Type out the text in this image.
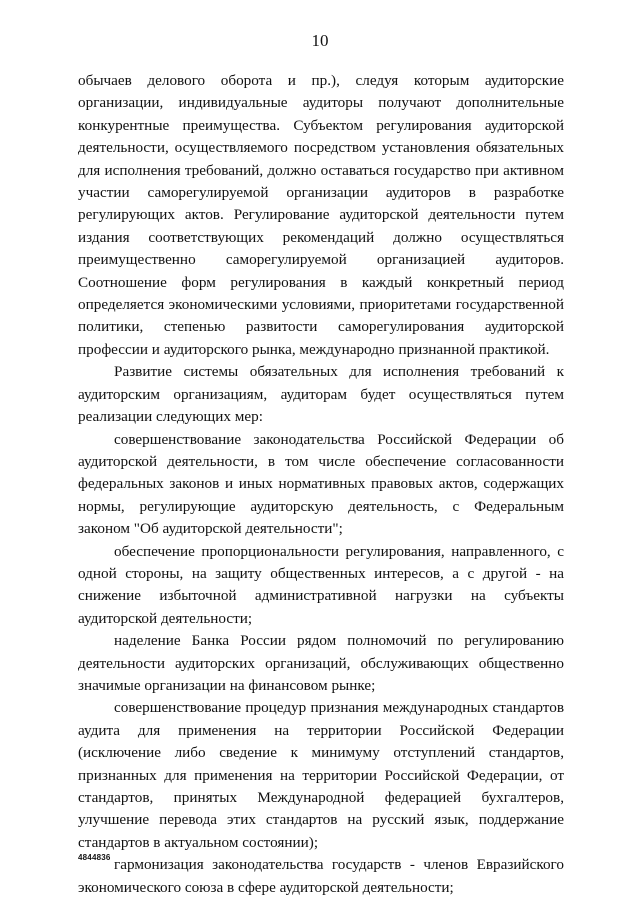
10

обычаев делового оборота и пр.), следуя которым аудиторские организации, индивидуальные аудиторы получают дополнительные конкурентные преимущества. Субъектом регулирования аудиторской деятельности, осуществляемого посредством установления обязательных для исполнения требований, должно оставаться государство при активном участии саморегулируемой организации аудиторов в разработке регулирующих актов. Регулирование аудиторской деятельности путем издания соответствующих рекомендаций должно осуществляться преимущественно саморегулируемой организацией аудиторов. Соотношение форм регулирования в каждый конкретный период определяется экономическими условиями, приоритетами государственной политики, степенью развитости саморегулирования аудиторской профессии и аудиторского рынка, международно признанной практикой.

Развитие системы обязательных для исполнения требований к аудиторским организациям, аудиторам будет осуществляться путем реализации следующих мер:

совершенствование законодательства Российской Федерации об аудиторской деятельности, в том числе обеспечение согласованности федеральных законов и иных нормативных правовых актов, содержащих нормы, регулирующие аудиторскую деятельность, с Федеральным законом "Об аудиторской деятельности";

обеспечение пропорциональности регулирования, направленного, с одной стороны, на защиту общественных интересов, а с другой - на снижение избыточной административной нагрузки на субъекты аудиторской деятельности;

наделение Банка России рядом полномочий по регулированию деятельности аудиторских организаций, обслуживающих общественно значимые организации на финансовом рынке;

совершенствование процедур признания международных стандартов аудита для применения на территории Российской Федерации (исключение либо сведение к минимуму отступлений стандартов, признанных для применения на территории Российской Федерации, от стандартов, принятых Международной федерацией бухгалтеров, улучшение перевода этих стандартов на русский язык, поддержание стандартов в актуальном состоянии);

гармонизация законодательства государств - членов Евразийского экономического союза в сфере аудиторской деятельности;

4844836
